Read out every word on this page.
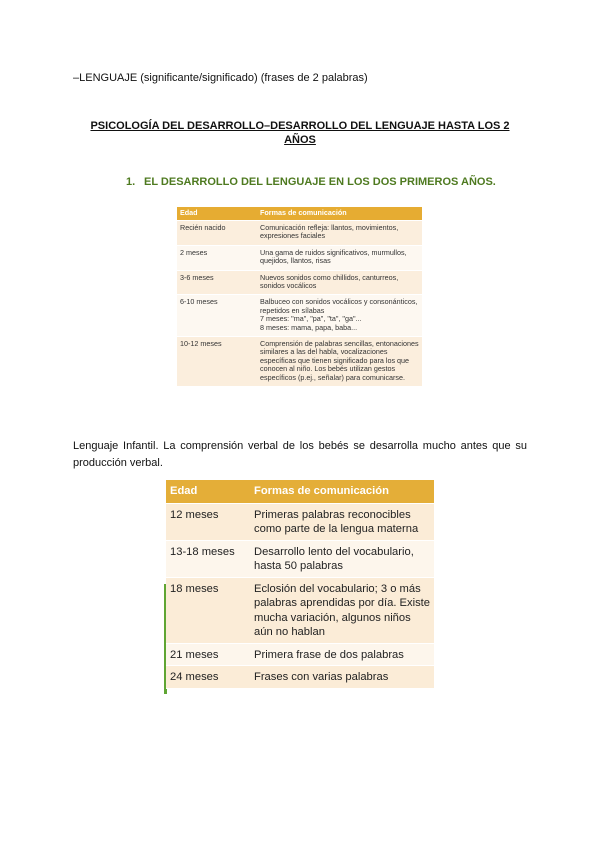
–LENGUAJE (significante/significado) (frases de 2 palabras)
PSICOLOGÍA DEL DESARROLLO–DESARROLLO DEL LENGUAJE HASTA LOS 2 AÑOS
1. EL DESARROLLO DEL LENGUAJE EN LOS DOS PRIMEROS AÑOS.
Edad	Formas de comunicación
Recién nacido	Comunicación refleja: llantos, movimientos, expresiones faciales
2 meses	Una gama de ruidos significativos, murmullos, quejidos, llantos, risas
3-6 meses	Nuevos sonidos como chillidos, canturreos, sonidos vocálicos
6-10 meses	Balbuceo con sonidos vocálicos y consonánticos, repetidos en sílabas
7 meses: "ma", "pa", "ta", "ga"...
8 meses: mama, papa, baba...
10-12 meses	Comprensión de palabras sencillas, entonaciones similares a las del habla, vocalizaciones específicas que tienen significado para los que conocen al niño. Los bebés utilizan gestos específicos (p.ej., señalar) para comunicarse.
Lenguaje Infantil. La comprensión verbal de los bebés se desarrolla mucho antes que su producción verbal.
Edad	Formas de comunicación
12 meses	Primeras palabras reconocibles como parte de la lengua materna
13-18 meses	Desarrollo lento del vocabulario, hasta 50 palabras
18 meses	Eclosión del vocabulario; 3 o más palabras aprendidas por día. Existe mucha variación, algunos niños aún no hablan
21 meses	Primera frase de dos palabras
24 meses	Frases con varias palabras
